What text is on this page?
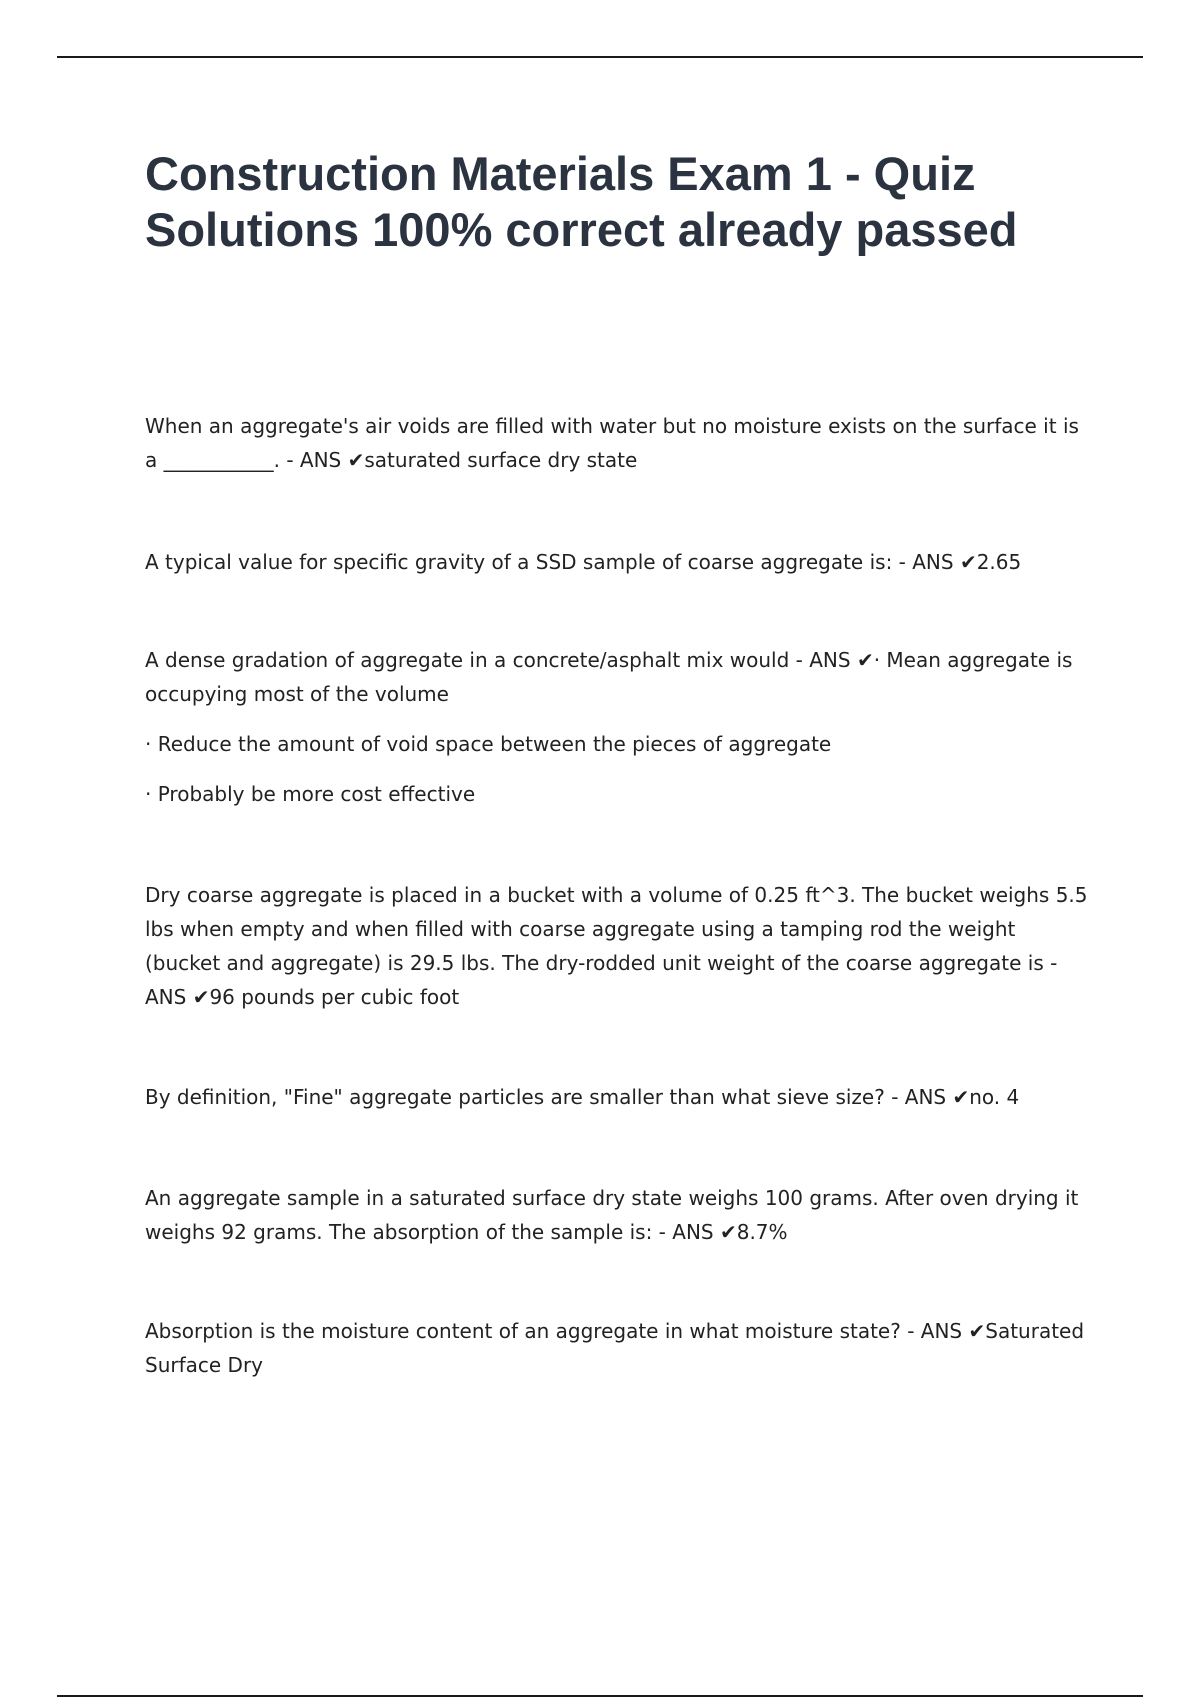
Construction Materials Exam 1 - Quiz Solutions 100% correct already passed

When an aggregate's air voids are filled with water but no moisture exists on the surface it is a ___________. - ANS ✔saturated surface dry state

A typical value for specific gravity of a SSD sample of coarse aggregate is: - ANS ✔2.65

A dense gradation of aggregate in a concrete/asphalt mix would - ANS ✔· Mean aggregate is occupying most of the volume

· Reduce the amount of void space between the pieces of aggregate

· Probably be more cost effective

Dry coarse aggregate is placed in a bucket with a volume of 0.25 ft^3. The bucket weighs 5.5 lbs when empty and when filled with coarse aggregate using a tamping rod the weight (bucket and aggregate) is 29.5 lbs. The dry-rodded unit weight of the coarse aggregate is - ANS ✔96 pounds per cubic foot

By definition, "Fine" aggregate particles are smaller than what sieve size? - ANS ✔no. 4

An aggregate sample in a saturated surface dry state weighs 100 grams. After oven drying it weighs 92 grams. The absorption of the sample is: - ANS ✔8.7%

Absorption is the moisture content of an aggregate in what moisture state? - ANS ✔Saturated Surface Dry
